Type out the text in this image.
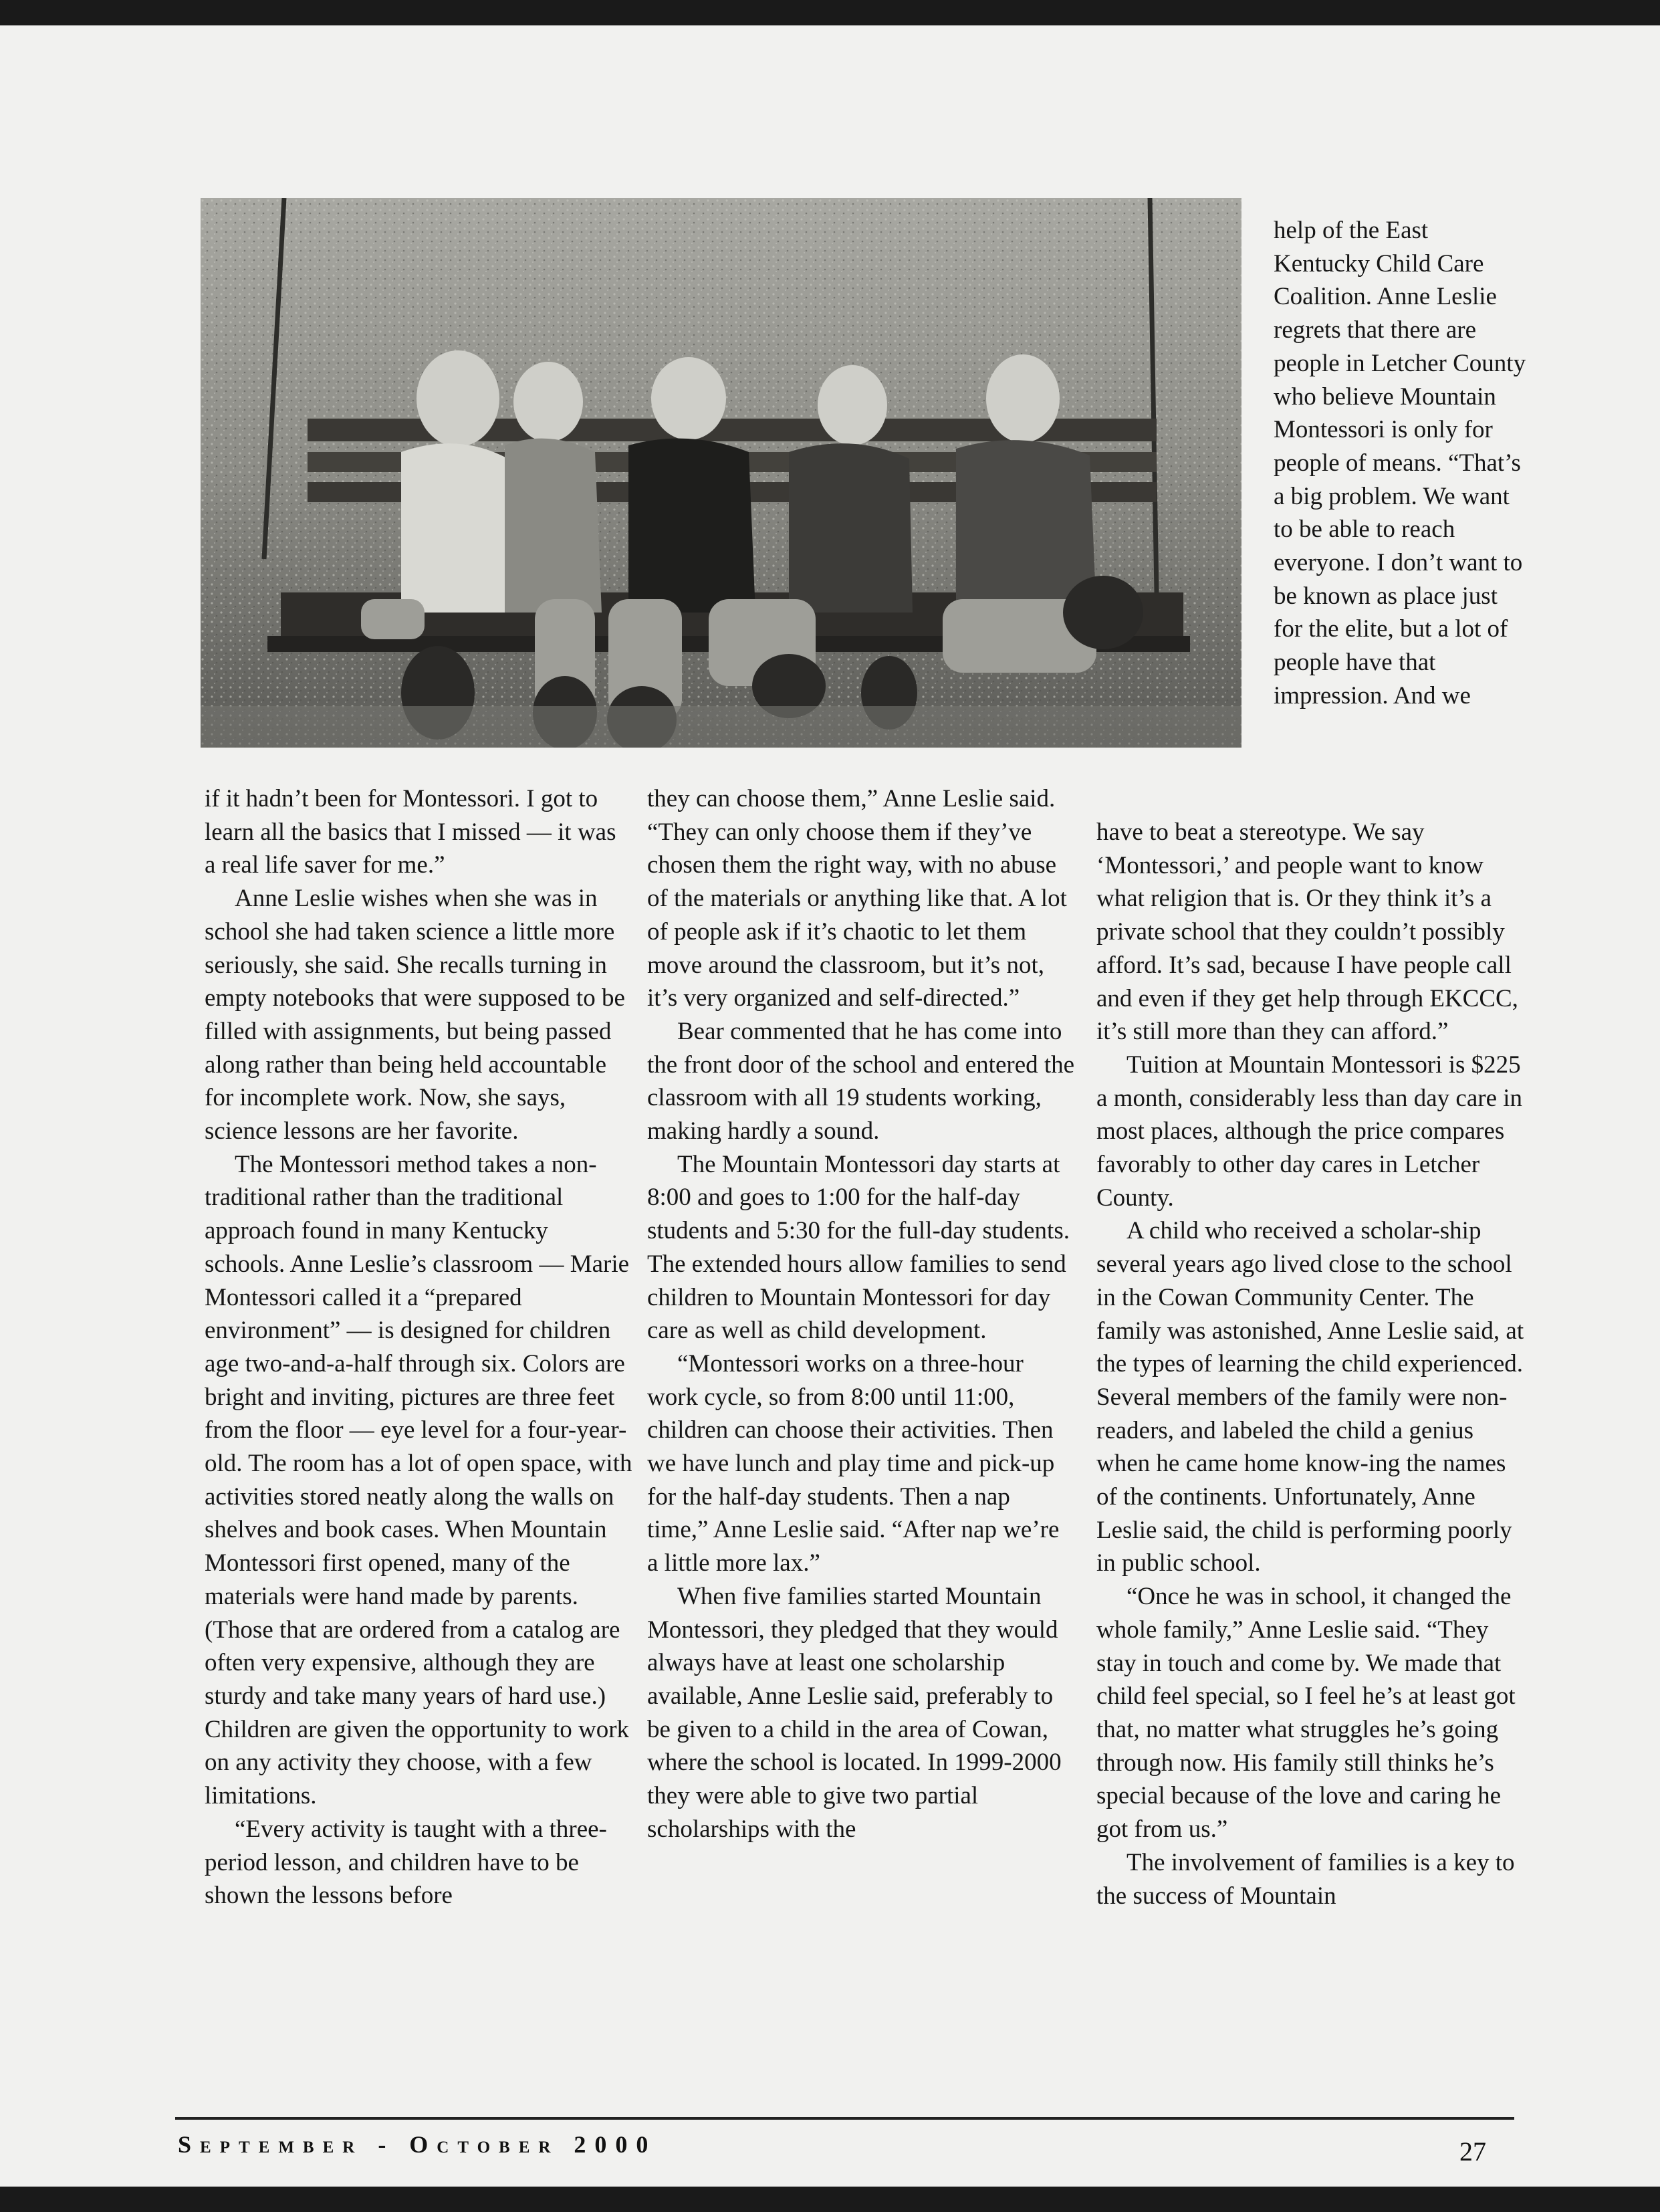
if it hadn’t been for Montessori. I got to learn all the basics that I missed — it was a real life saver for me.”

Anne Leslie wishes when she was in school she had taken science a little more seriously, she said. She recalls turning in empty notebooks that were supposed to be filled with assignments, but being passed along rather than being held accountable for incomplete work. Now, she says, science lessons are her favorite.

The Montessori method takes a non-traditional rather than the traditional approach found in many Kentucky schools. Anne Leslie’s classroom — Marie Montessori called it a “prepared environment” — is designed for children age two-and-a-half through six. Colors are bright and inviting, pictures are three feet from the floor — eye level for a four-year-old. The room has a lot of open space, with activities stored neatly along the walls on shelves and book cases. When Mountain Montessori first opened, many of the materials were hand made by parents. (Those that are ordered from a catalog are often very expensive, although they are sturdy and take many years of hard use.) Children are given the opportunity to work on any activity they choose, with a few limitations.

“Every activity is taught with a three-period lesson, and children have to be shown the lessons before

they can choose them,” Anne Leslie said. “They can only choose them if they’ve chosen them the right way, with no abuse of the materials or anything like that. A lot of people ask if it’s chaotic to let them move around the classroom, but it’s not, it’s very organized and self-directed.”

Bear commented that he has come into the front door of the school and entered the classroom with all 19 students working, making hardly a sound.

The Mountain Montessori day starts at 8:00 and goes to 1:00 for the half-day students and 5:30 for the full-day students. The extended hours allow families to send children to Mountain Montessori for day care as well as child development.

“Montessori works on a three-hour work cycle, so from 8:00 until 11:00, children can choose their activities. Then we have lunch and play time and pick-up for the half-day students. Then a nap time,” Anne Leslie said. “After nap we’re a little more lax.”

When five families started Mountain Montessori, they pledged that they would always have at least one scholarship available, Anne Leslie said, preferably to be given to a child in the area of Cowan, where the school is located. In 1999-2000 they were able to give two partial scholarships with the

help of the East Kentucky Child Care Coalition. Anne Leslie regrets that there are people in Letcher County who believe Mountain Montessori is only for people of means. “That’s a big problem. We want to be able to reach everyone. I don’t want to be known as place just for the elite, but a lot of people have that impression. And we

have to beat a stereotype. We say ‘Montessori,’ and people want to know what religion that is. Or they think it’s a private school that they couldn’t possibly afford. It’s sad, because I have people call and even if they get help through EKCCC, it’s still more than they can afford.”

Tuition at Mountain Montessori is $225 a month, considerably less than day care in most places, although the price compares favorably to other day cares in Letcher County.

A child who received a scholar-ship several years ago lived close to the school in the Cowan Community Center. The family was astonished, Anne Leslie said, at the types of learning the child experienced. Several members of the family were non-readers, and labeled the child a genius when he came home know-ing the names of the continents. Unfortunately, Anne Leslie said, the child is performing poorly in public school.

“Once he was in school, it changed the whole family,” Anne Leslie said. “They stay in touch and come by. We made that child feel special, so I feel he’s at least got that, no matter what struggles he’s going through now. His family still thinks he’s special because of the love and caring he got from us.”

The involvement of families is a key to the success of Mountain

September - October 2000	27
